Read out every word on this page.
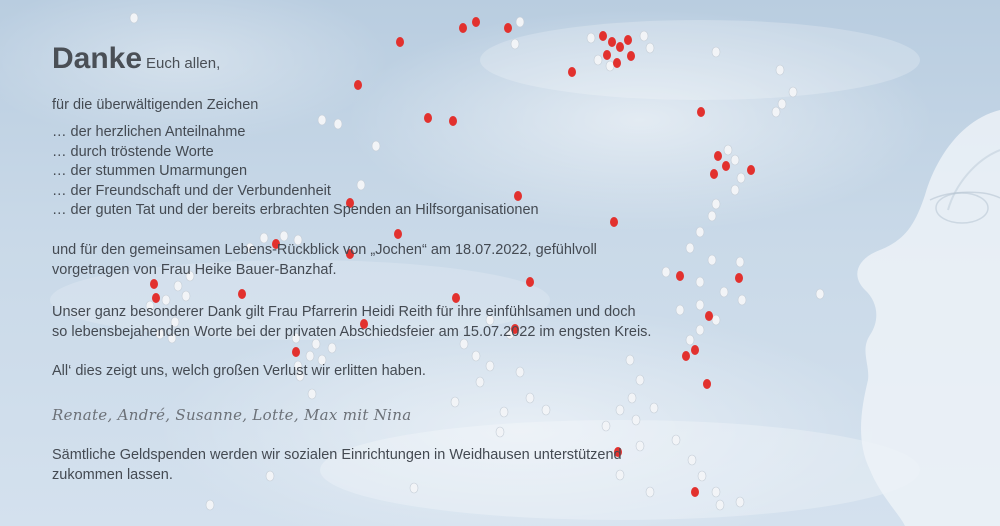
Danke Euch allen,
für die überwältigenden Zeichen
… der herzlichen Anteilnahme
… durch tröstende Worte
… der stummen Umarmungen
… der Freundschaft und der Verbundenheit
… der guten Tat und der bereits erbrachten Spenden an Hilfsorganisationen
und für den gemeinsamen Lebens-Rückblick von „Jochen“ am 18.07.2022, gefühlvoll
vorgetragen von Frau Heike Bauer-Banzhaf.
Unser ganz besonderer Dank gilt Frau Pfarrerin Heidi Reith für ihre einfühlsamen und doch
so lebensbejahenden Worte bei der privaten Abschiedsfeier am 15.07.2022 im engsten Kreis.
All‘ dies zeigt uns, welch großen Verlust wir erlitten haben.
Renate, André, Susanne, Lotte, Max mit Nina
Sämtliche Geldspenden werden wir sozialen Einrichtungen in Weidhausen unterstützend
zukommen lassen.
